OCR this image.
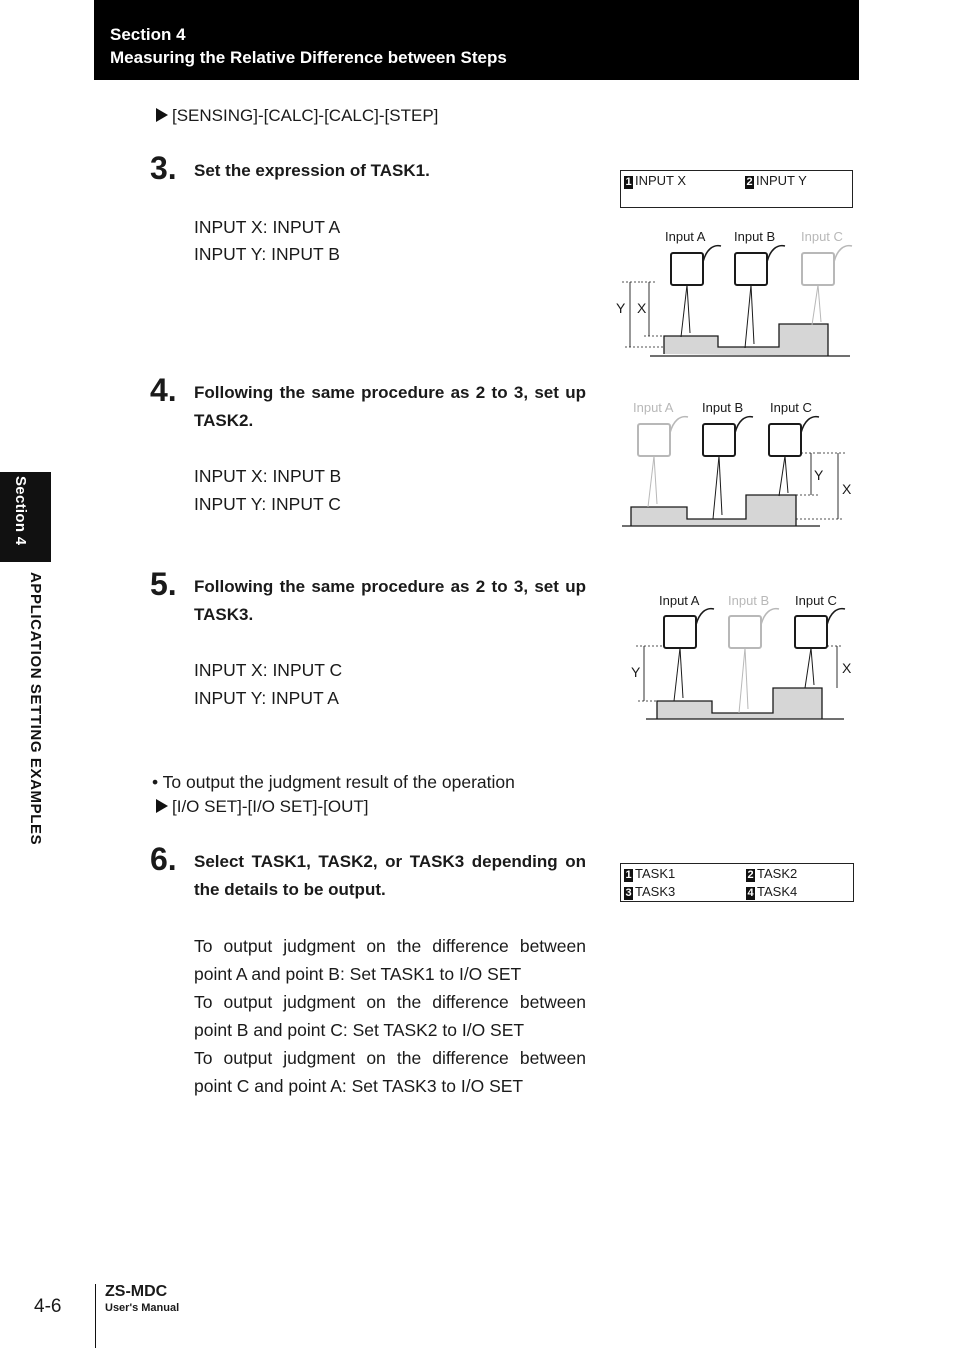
Section 4
Measuring the Relative Difference between Steps
Section 4
APPLICATION SETTING EXAMPLES
[SENSING]-[CALC]-[CALC]-[STEP]
3. Set the expression of TASK1.
INPUT X: INPUT A
INPUT Y: INPUT B
4. Following the same procedure as 2 to 3, set up TASK2.
INPUT X: INPUT B
INPUT Y: INPUT C
5. Following the same procedure as 2 to 3, set up TASK3.
INPUT X: INPUT C
INPUT Y: INPUT A
• To output the judgment result of the operation
[I/O SET]-[I/O SET]-[OUT]
6. Select TASK1, TASK2, or TASK3 depending on the details to be output.
To output judgment on the difference between point A and point B: Set TASK1 to I/O SET
To output judgment on the difference between point B and point C: Set TASK2 to I/O SET
To output judgment on the difference between point C and point A: Set TASK3 to I/O SET
1 INPUT X	2 INPUT Y
1 TASK1	2 TASK2
3 TASK3	4 TASK4
Input A Input B Input C
X
Y
Input A Input B Input C
Y
X
Input A Input B Input C
Y	X
4-6
ZS-MDC
User's Manual
